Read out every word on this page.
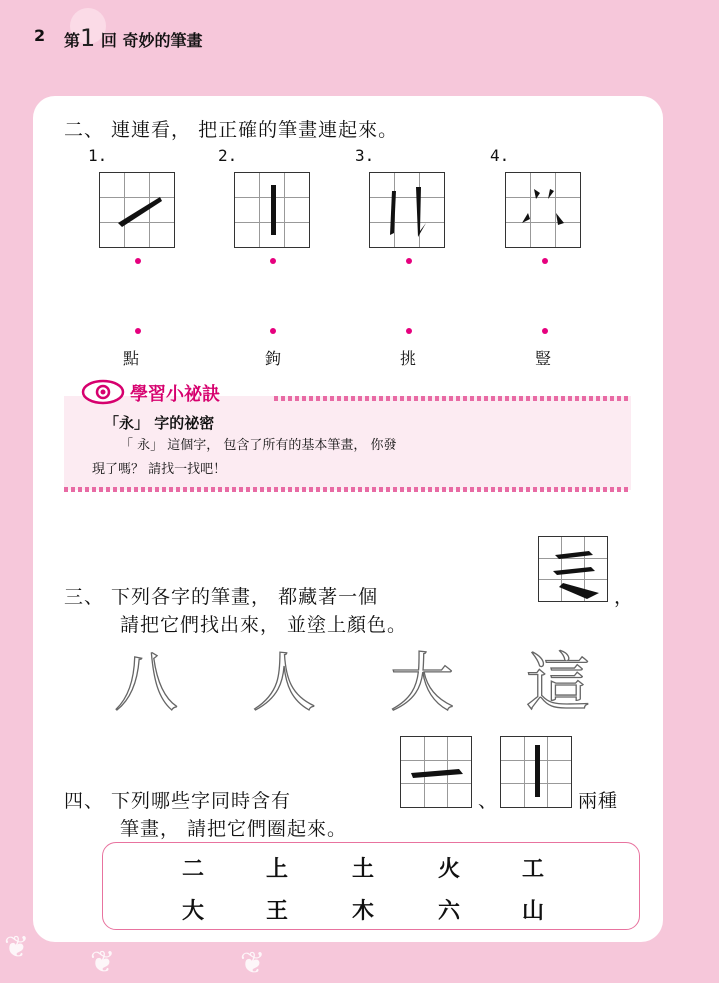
2 第1 回 奇妙的筆畫
❦ ❦	❦
二、 連連看， 把正確的筆畫連起來。
1.	2.	3.	4.
點	鉤	挑	豎
學習小祕訣
「永」 字的祕密
「 永」 這個字， 包含了所有的基本筆畫， 你發
現了嗎？ 請找一找吧！
三、 下列各字的筆畫， 都藏著一個	，
請把它們找出來， 並塗上顏色。
八 人 大 這
四、 下列哪些字同時含有	、	兩種
筆畫， 請把它們圈起來。
二	上	土	火	工
大	王	木	六	山
